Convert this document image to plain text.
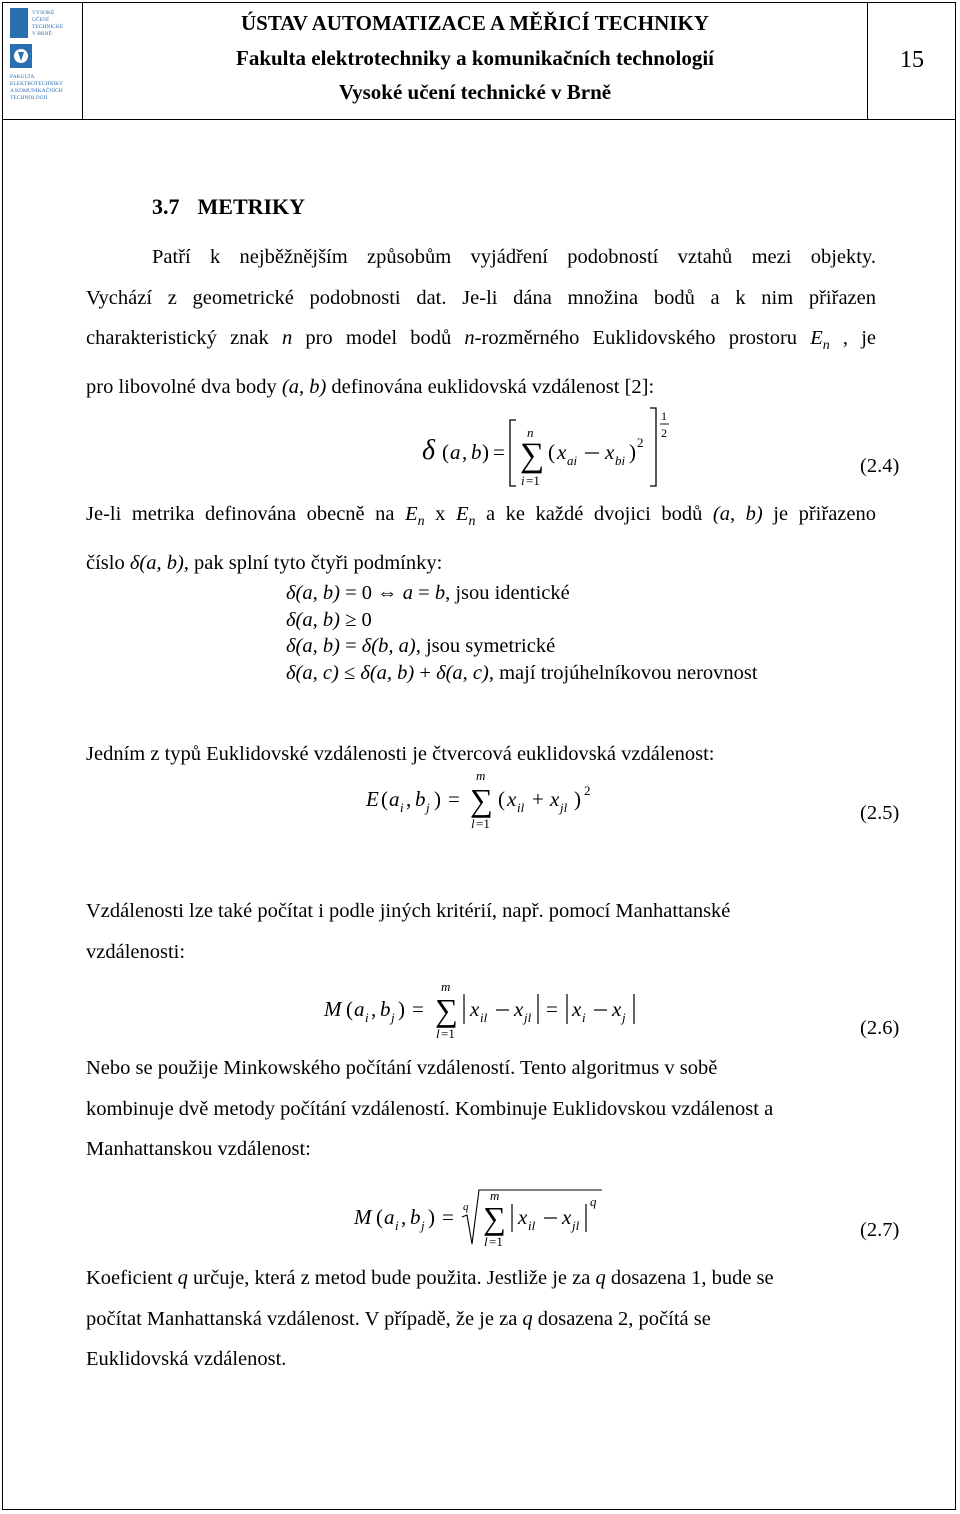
VYSOKÉ
UČENÍ
TECHNICKÉ
V BRNĚ
FAKULTA
ELEKTROTECHNIKY
A KOMUNIKAČNÍCH
TECHNOLOGIÍ
ÚSTAV AUTOMATIZACE A MĚŘICÍ TECHNIKY
Fakulta elektrotechniky a komunikačních technologií
Vysoké učení technické v Brně
15
3.7 METRIKY

Patří k nejběžnějším způsobům vyjádření podobností vztahů mezi objekty.

Vychází z geometrické podobnosti dat. Je-li dána množina bodů a k nim přiřazen

charakteristický znak n pro model bodů n-rozměrného Euklidovského prostoru $E_n$ , je

pro libovolné dva body (a, b) definována euklidovská vzdálenost [2]:

δ ( a , b ) =
n
∑
i =1
( x ai x bi ) 2
1
2
(2.4)

Je-li metrika definována obecně na $E_n$ x $E_n$ a ke každé dvojici bodů (a, b) je přiřazeno

číslo δ(a, b), pak splní tyto čtyři podmínky:

δ(a, b) = 0 ⇔ a = b, jsou identické
δ(a, b) ≥ 0
δ(a, b) = δ(b, a), jsou symetrické
δ(a, c) ≤ δ(a, b) + δ(a, c), mají trojúhelníkovou nerovnost
Jedním z typů Euklidovské vzdálenosti je čtvercová euklidovská vzdálenost:
E ( a i , b j ) =
m
∑
l =1
( x il + x jl ) 2
(2.5)

Vzdálenosti lze také počítat i podle jiných kritérií, např. pomocí Manhattanské

vzdálenosti:

M ( a i , b j ) =
m
∑
l =1
x il x jl = x i x j	(2.6)

Nebo se použije Minkowského počítání vzdáleností. Tento algoritmus v sobě

kombinuje dvě metody počítání vzdáleností. Kombinuje Euklidovskou vzdálenost a

Manhattanskou vzdálenost:

M ( a i , b j ) = q
m
∑
l =1
x il x jl
q
(2.7)

Koeficient q určuje, která z metod bude použita. Jestliže je za q dosazena 1, bude se

počítat Manhattanská vzdálenost. V případě, že je za q dosazena 2, počítá se

Euklidovská vzdálenost.
